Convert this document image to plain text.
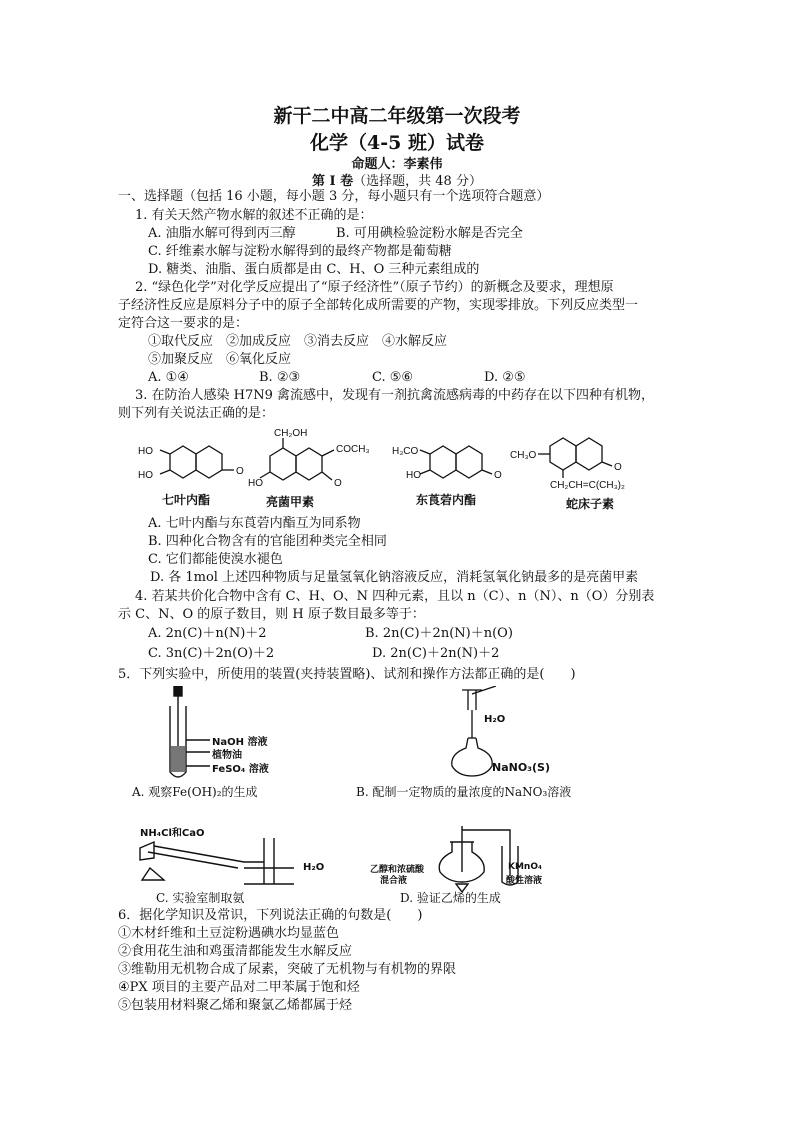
新干二中高二年级第一次段考
化学（4-5 班）试卷
命题人：李素伟
第 I 卷（选择题，共 48 分）
一、选择题（包括 16 小题，每小题 3 分，每小题只有一个选项符合题意）
1. 有关天然产物水解的叙述不正确的是：
A. 油脂水解可得到丙三醇	B. 可用碘检验淀粉水解是否完全
C. 纤维素水解与淀粉水解得到的最终产物都是葡萄糖
D. 糖类、油脂、蛋白质都是由 C、H、O 三种元素组成的
2. “绿色化学”对化学反应提出了“原子经济性”（原子节约）的新概念及要求，理想原
子经济性反应是原料分子中的原子全部转化成所需要的产物，实现零排放。下列反应类型一
定符合这一要求的是：
①取代反应　②加成反应　③消去反应　④水解反应
⑤加聚反应　⑥氧化反应
A. ①④	B. ②③	C. ⑤⑥	D. ②⑤
3. 在防治人感染 H7N9 禽流感中，发现有一剂抗禽流感病毒的中药存在以下四种有机物，
则下列有关说法正确的是：
HO
HO	O
CH₂OH
COCH₃
HO	O
H₃CO
HO	O
CH₃O
O
CH₂CH=C(CH₃)₂
七叶内酯	亮菌甲素	东莨菪内酯	蛇床子素
A. 七叶内酯与东莨菪内酯互为同系物
B. 四种化合物含有的官能团种类完全相同
C. 它们都能使溴水褪色
D. 各 1mol 上述四种物质与足量氢氧化钠溶液反应，消耗氢氧化钠最多的是亮菌甲素
4. 若某共价化合物中含有 C、H、O、N 四种元素，且以 n（C）、n（N）、n（O）分别表
示 C、N、O 的原子数目，则 H 原子数目最多等于：
A. 2n(C)＋n(N)＋2	B. 2n(C)＋2n(N)＋n(O)
C. 3n(C)＋2n(O)＋2	D. 2n(C)＋2n(N)＋2
5．下列实验中，所使用的装置(夹持装置略)、试剂和操作方法都正确的是(　　)
NaOH 溶液
植物油
FeSO₄ 溶液
A. 观察Fe(OH)₂的生成
H₂O
NaNO₃(S)
B. 配制一定物质的量浓度的NaNO₃溶液
NH₄Cl和CaO
H₂O
C. 实验室制取氨
乙醇和浓硫酸
混合液
KMnO₄
酸性溶液
D. 验证乙烯的生成
6．据化学知识及常识，下列说法正确的句数是(　　)
①木材纤维和土豆淀粉遇碘水均显蓝色
②食用花生油和鸡蛋清都能发生水解反应
③维勒用无机物合成了尿素，突破了无机物与有机物的界限
④PX 项目的主要产品对二甲苯属于饱和烃
⑤包装用材料聚乙烯和聚氯乙烯都属于烃
